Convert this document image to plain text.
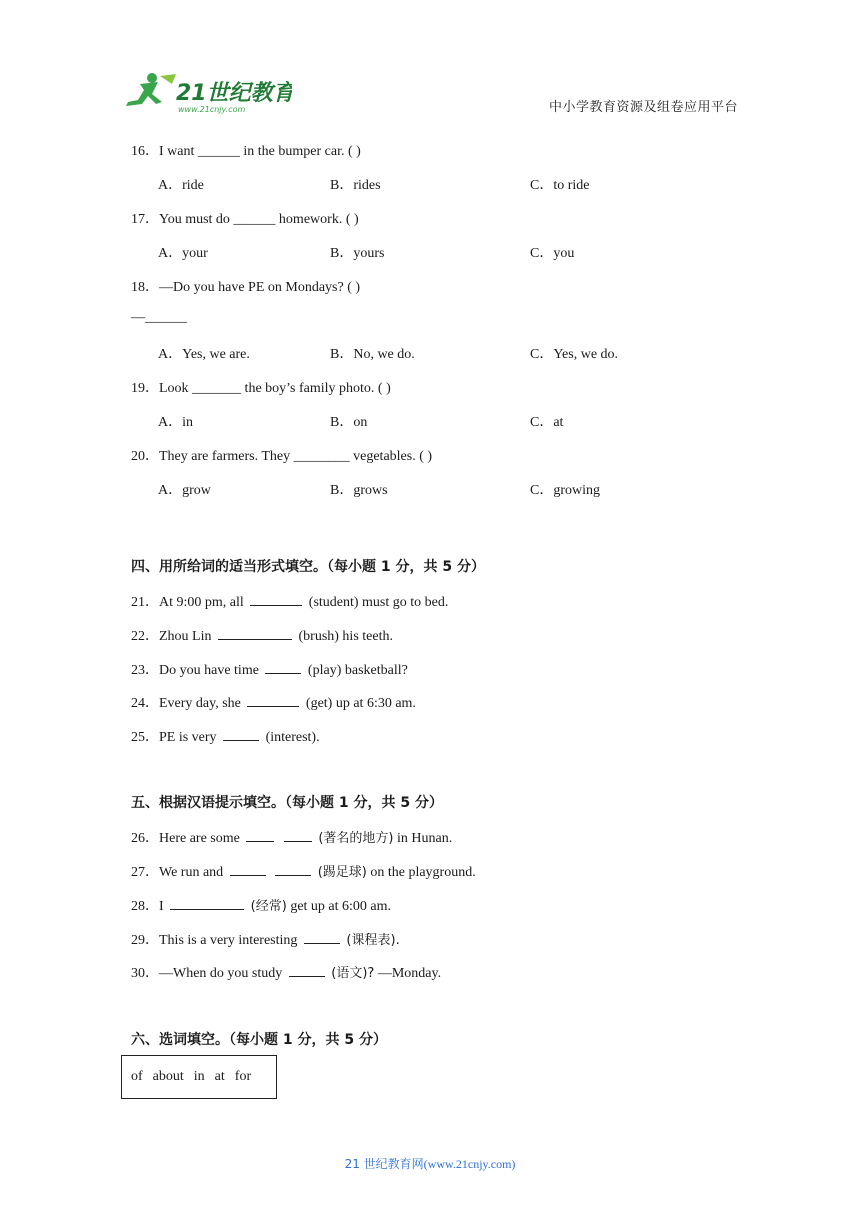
21世纪教育
www.21cnjy.com	中小学教育资源及组卷应用平台
16．I want ______ in the bumper car. ( )
A．ride	B．rides	C．to ride
17．You must do ______ homework. ( )
A．your	B．yours	C．you
18．—Do you have PE on Mondays? ( )
—______
A．Yes, we are.	B．No, we do.	C．Yes, we do.
19．Look _______ the boy’s family photo. ( )
A．in	B．on	C．at
20．They are farmers. They ________ vegetables. ( )
A．grow	B．grows	C．growing
四、用所给词的适当形式填空。（每小题 1 分，共 5 分）
21．At 9:00 pm, all	(student) must go to bed.
22．Zhou Lin	(brush) his teeth.
23．Do you have time	(play) basketball?
24．Every day, she	(get) up at 6:30 am.
25．PE is very	(interest).
五、根据汉语提示填空。（每小题 1 分，共 5 分）
26．Here are some	(著名的地方) in Hunan.
27．We run and	(踢足球) on the playground.
28．I	(经常) get up at 6:00 am.
29．This is a very interesting	(课程表).
30．—When do you study	(语文)? —Monday.
六、选词填空。（每小题 1 分，共 5 分）
of about in at for
21 世纪教育网(www.21cnjy.com)
